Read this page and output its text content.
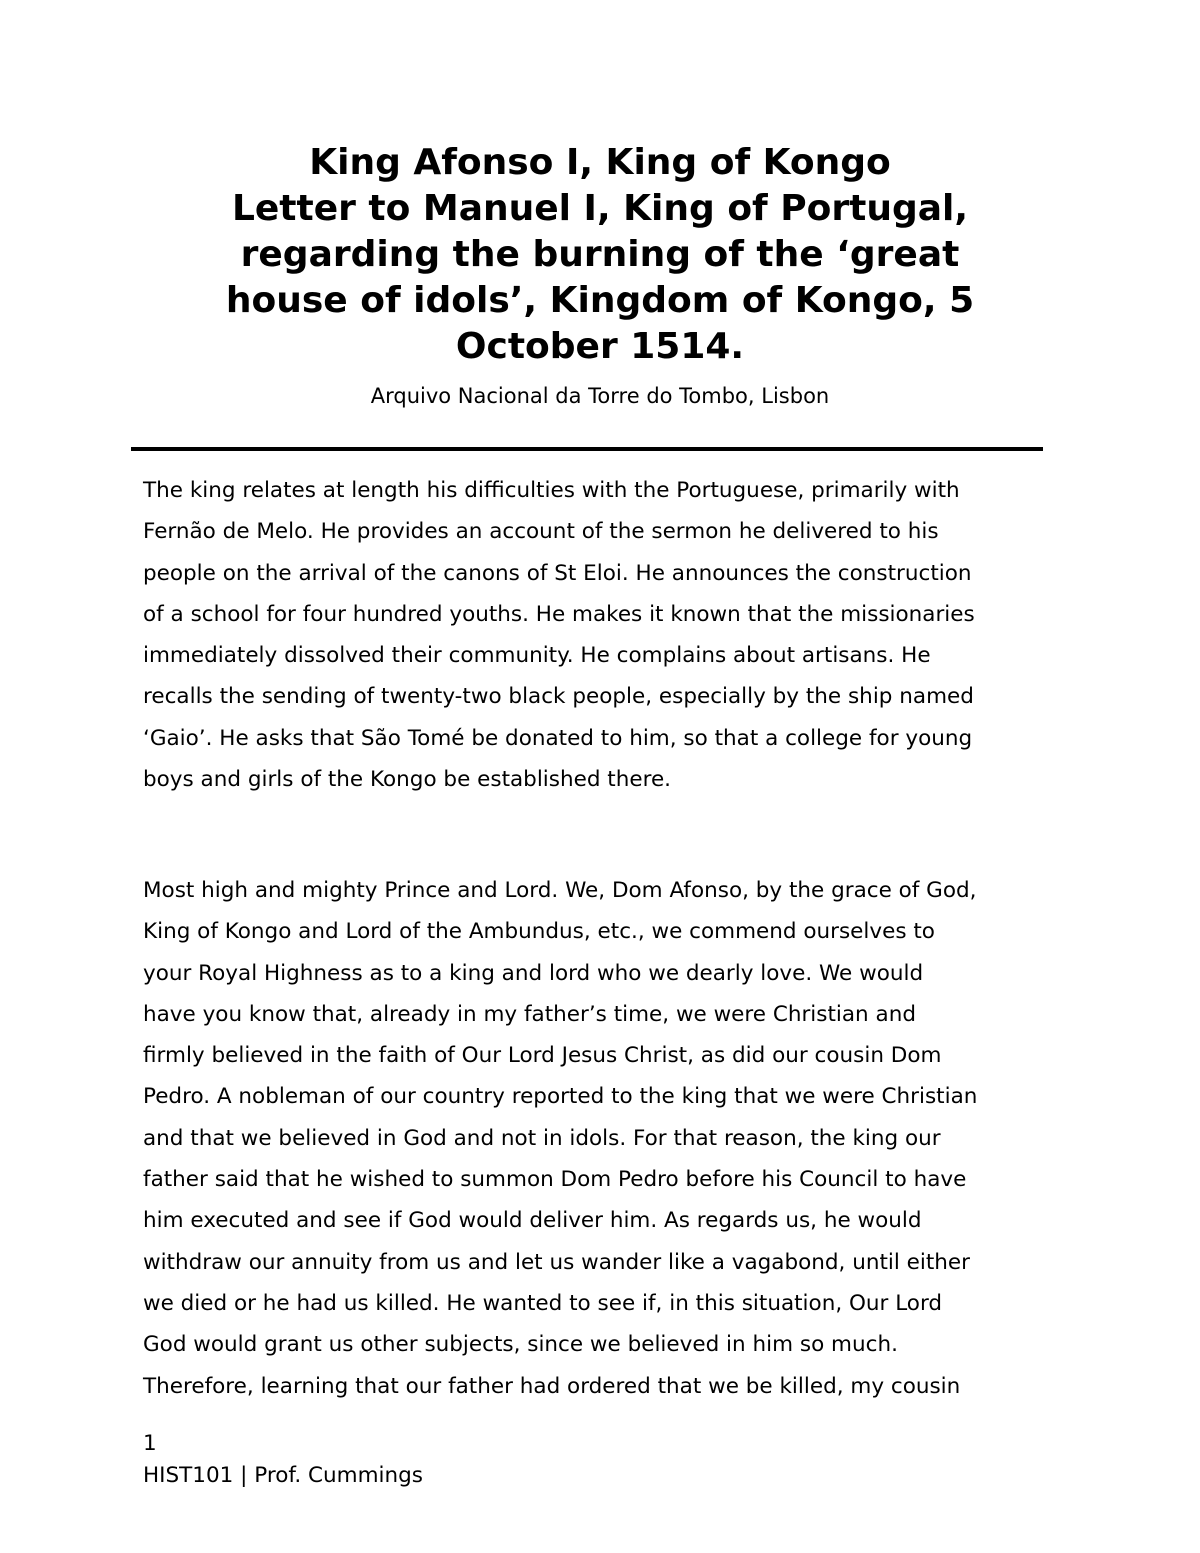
King Afonso I, King of Kongo
Letter to Manuel I, King of Portugal,
regarding the burning of the ‘great
house of idols’, Kingdom of Kongo, 5
October 1514.
Arquivo Nacional da Torre do Tombo, Lisbon
The king relates at length his difficulties with the Portuguese, primarily with
Fernão de Melo. He provides an account of the sermon he delivered to his
people on the arrival of the canons of St Eloi. He announces the construction
of a school for four hundred youths. He makes it known that the missionaries
immediately dissolved their community. He complains about artisans. He
recalls the sending of twenty-two black people, especially by the ship named
‘Gaio’. He asks that São Tomé be donated to him, so that a college for young
boys and girls of the Kongo be established there.
Most high and mighty Prince and Lord. We, Dom Afonso, by the grace of God,
King of Kongo and Lord of the Ambundus, etc., we commend ourselves to
your Royal Highness as to a king and lord who we dearly love. We would
have you know that, already in my father’s time, we were Christian and
firmly believed in the faith of Our Lord Jesus Christ, as did our cousin Dom
Pedro. A nobleman of our country reported to the king that we were Christian
and that we believed in God and not in idols. For that reason, the king our
father said that he wished to summon Dom Pedro before his Council to have
him executed and see if God would deliver him. As regards us, he would
withdraw our annuity from us and let us wander like a vagabond, until either
we died or he had us killed. He wanted to see if, in this situation, Our Lord
God would grant us other subjects, since we believed in him so much.
Therefore, learning that our father had ordered that we be killed, my cousin
1
HIST101 | Prof. Cummings
